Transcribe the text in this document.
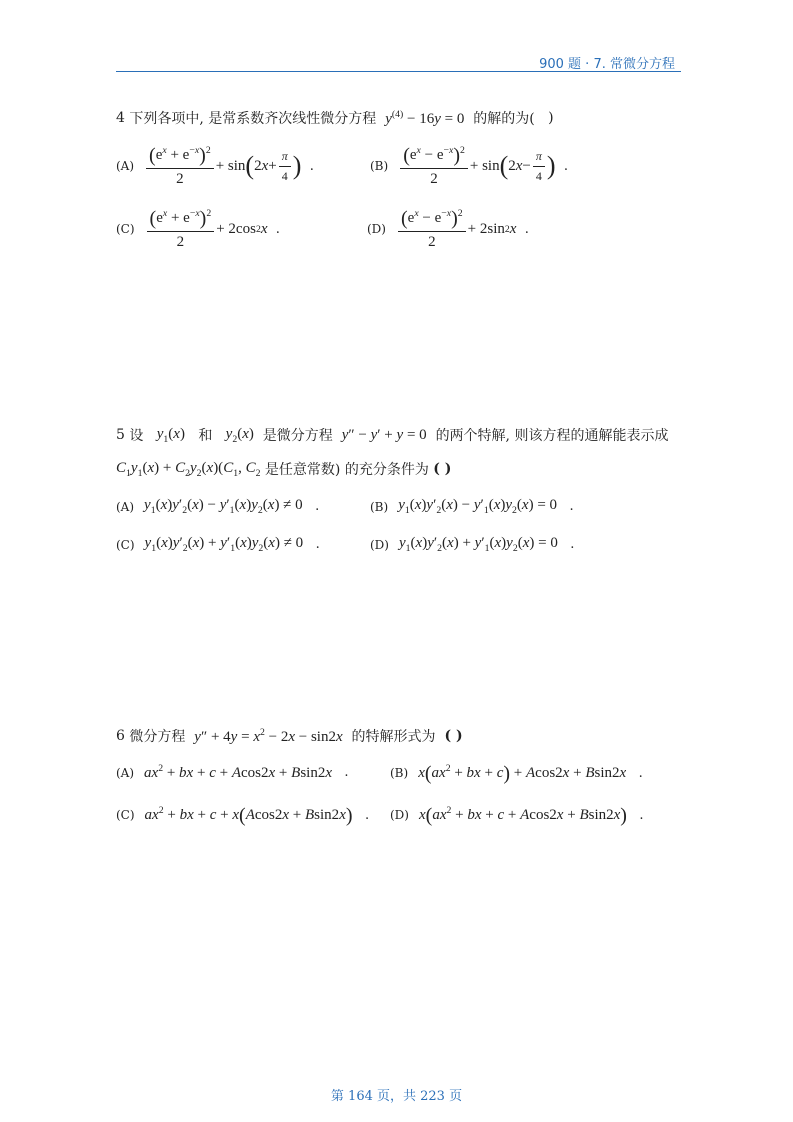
900 题 · 7. 常微分方程
4
下列各项中, 是常系数齐次线性微分方程
$y^{(4)} - 16y = 0$
的解的为(
)
$(A) \frac{(e^x + e^{-x})^2}{2} + \sin$ ( 2 $x + \frac{\pi}{4}$ )
.	$(B) \frac{(e^x - e^{-x})^2}{2} + \sin$ ( 2 $x - \frac{\pi}{4}$ )
.
$(C) \frac{(e^x + e^{-x})^2}{2} + 2\cos$ 2 x
.	$(D) \frac{(e^x - e^{-x})^2}{2} + 2\sin$ 2 x
.
5
设
$y_1(x)$
和
$y_2(x)$
是微分方程
y″ − y′ + y = 0
的两个特解, 则该方程的通解能表示成
$C_1y_1(x) + C_2y_2(x)(C_1$, $C_2$
是任意常数) 的充分条件为
( )
(A) $y_1(x)y'_2(x) - y'_1(x)y_2(x) \ne 0$
.	(B) $y_1(x)y'_2(x) - y'_1(x)y_2(x) = 0$
.
(C) $y_1(x)y'_2(x) + y'_1(x)y_2(x) \ne 0$
.	(D) $y_1(x)y'_2(x) + y'_1(x)y_2(x) = 0$
.
6
微分方程
$y'' + 4y = x^2 - 2x - \sin 2x$
的特解形式为
( )
(A) $ax^2$ + bx + c + Acos2x + Bsin2x
.	(B) $x(ax^2$ + bx + c) + Acos2x + Bsin2x
.
(C) $ax^2$ + bx + c + x(Acos2x + Bsin2x)
. (D) $x(ax^2$ + bx + c + Acos2x + Bsin2x)
.
第 164 页，共 223 页
